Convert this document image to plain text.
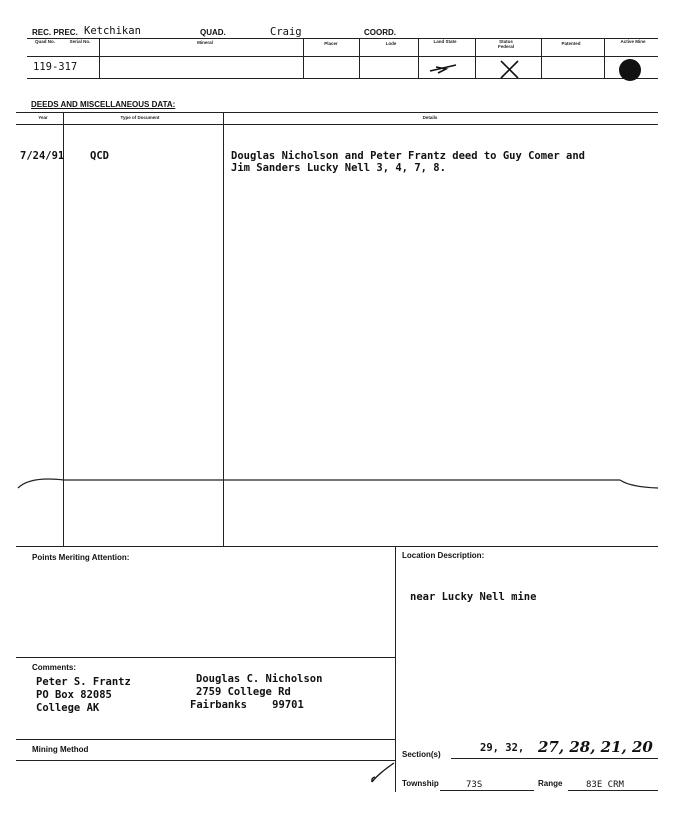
REC. PREC. Ketchikan	QUAD.	Craig	COORD.
Quad No.	Serial No.	Mineral	Placer	Lode	Land State	Status Federal	Patented	Active Mine
119-317
DEEDS AND MISCELLANEOUS DATA:
Year	Type of Document	Details
7/24/91 QCD	Douglas Nicholson and Peter Frantz deed to Guy Comer and
Jim Sanders Lucky Nell 3, 4, 7, 8.
Points Meriting Attention:	Location Description:
near Lucky Nell mine
Comments:
Peter S. Frantz
PO Box 82085
College AK
Douglas C. Nicholson
2759 College Rd
Fairbanks    99701
Mining Method
Section(s)
29, 32, 27, 28, 21, 20
Township	73S	Range	83E CRM
